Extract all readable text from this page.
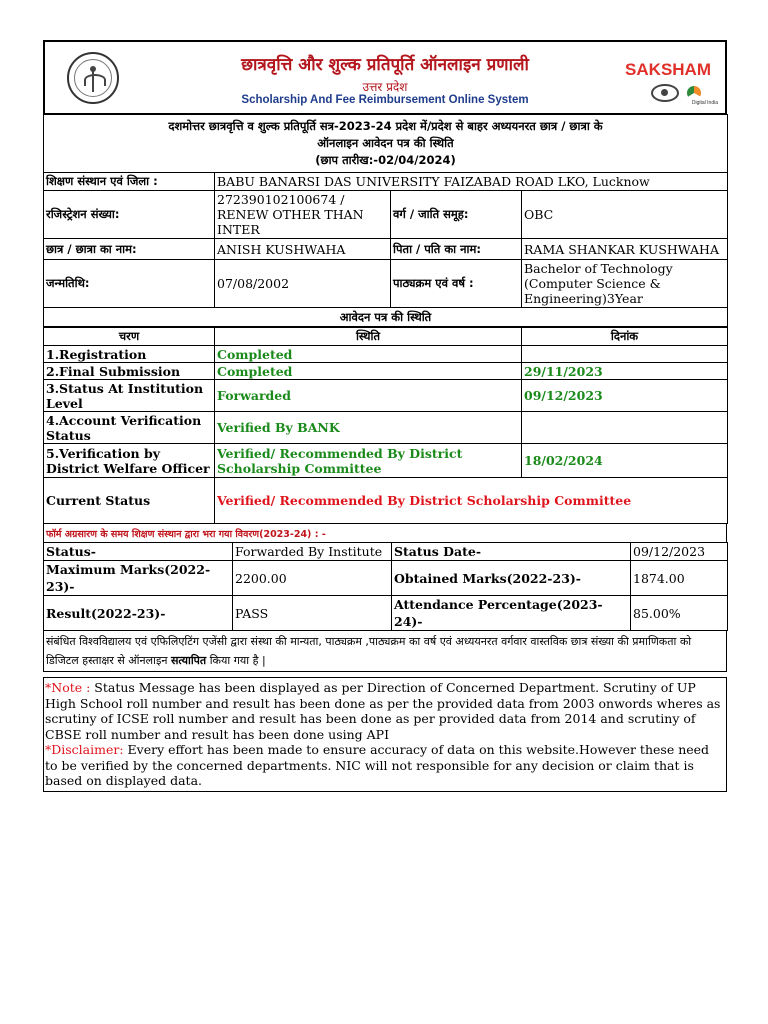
छात्रवृत्ति और शुल्क प्रतिपूर्ति ऑनलाइन प्रणाली
उत्तर प्रदेश
Scholarship And Fee Reimbursement Online System
SAKSHAM
Digital India
दशमोत्तर छात्रवृत्ति व शुल्क प्रतिपूर्ति सत्र-2023-24 प्रदेश में/प्रदेश से बाहर अध्ययनरत छात्र / छात्रा के
ऑनलाइन आवेदन पत्र की स्थिति
(छाप तारीख:-02/04/2024)			

शिक्षण संस्थान एवं जिला :	BABU BANARSI DAS UNIVERSITY FAIZABAD ROAD LKO, Lucknow		
रजिस्ट्रेशन संख्या:	272390102100674 / RENEW OTHER THAN INTER	वर्ग / जाति समूह:	OBC
छात्र / छात्रा का नाम:	ANISH KUSHWAHA	पिता / पति का नाम:	RAMA SHANKAR KUSHWAHA
जन्मतिथि:	07/08/2002	पाठ्यक्रम एवं वर्ष :	Bachelor of Technology (Computer Science & Engineering)3Year
आवेदन पत्र की स्थिति			
चरण	स्थिति	दिनांक
1.Registration	Completed	
2.Final Submission	Completed	29/11/2023
3.Status At Institution Level	Forwarded	09/12/2023
4.Account Verification Status	Verified By BANK	
5.Verification by District Welfare Officer	Verified/ Recommended By District Scholarship Committee	18/02/2024
Current Status	Verified/ Recommended By District Scholarship Committee	
फॉर्म अग्रसारण के समय शिक्षण संस्थान द्वारा भरा गया विवरण(2023-24) : -
Status-	Forwarded By Institute	Status Date-	09/12/2023
Maximum Marks(2022-23)-	2200.00	Obtained Marks(2022-23)-	1874.00
Result(2022-23)-	PASS	Attendance Percentage(2023-24)-	85.00%
संबंधित विश्वविद्यालय एवं एफिलिएटिंग एजेंसी द्वारा संस्था की मान्यता, पाठ्यक्रम ,पाठ्यक्रम का वर्ष एवं अध्ययनरत वर्गवार वास्तविक छात्र संख्या की प्रमाणिकता को डिजिटल हस्ताक्षर से ऑनलाइन सत्यापित किया गया है |
*Note : Status Message has been displayed as per Direction of Concerned Department. Scrutiny of UP High School roll number and result has been done as per the provided data from 2003 onwords wheres as scrutiny of ICSE roll number and result has been done as per provided data from 2014 and scrutiny of CBSE roll number and result has been done using API
*Disclaimer: Every effort has been made to ensure accuracy of data on this website.However these need to be verified by the concerned departments. NIC will not responsible for any decision or claim that is based on displayed data.
